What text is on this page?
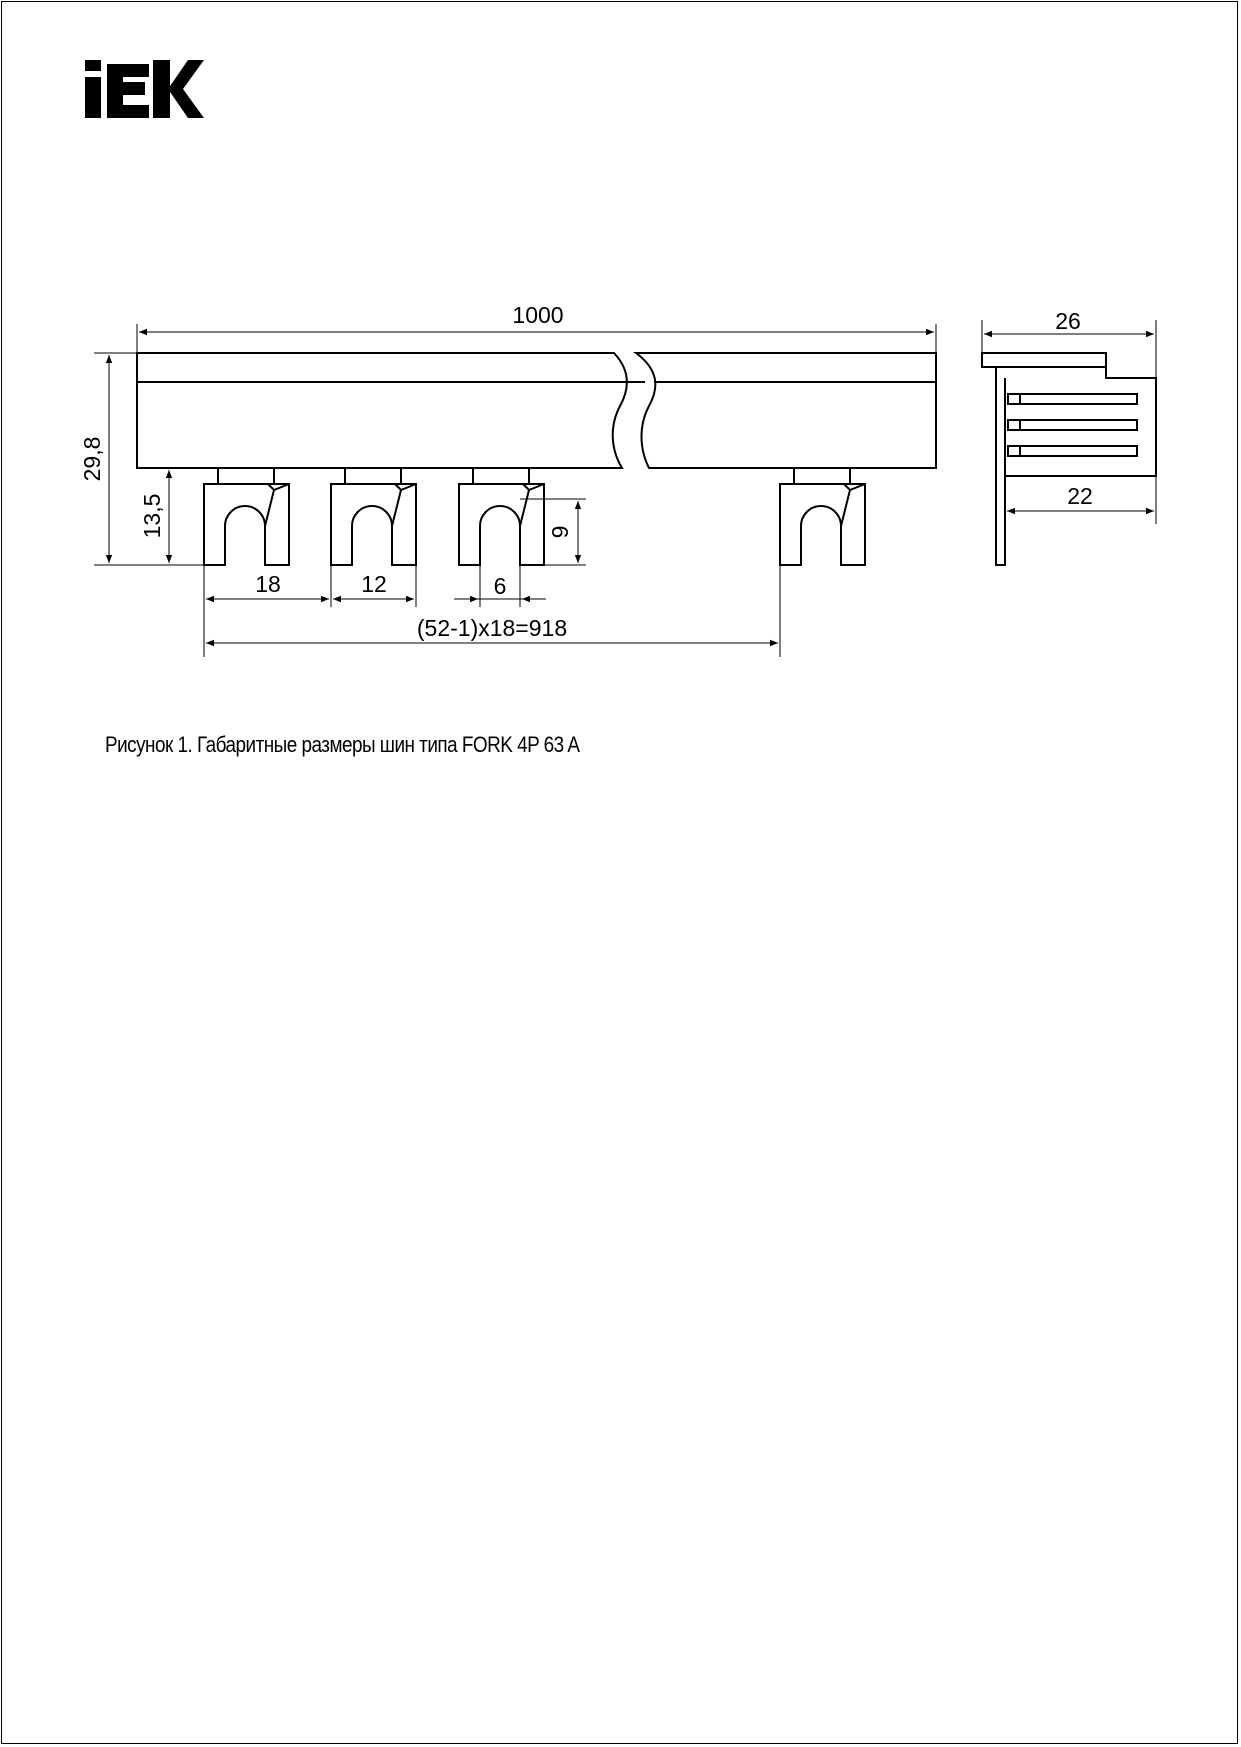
1000
29,8
13,5	9
18	12	6
(52-1)x18=918
26
22
Рисунок 1. Габаритные размеры шин типа FORK 4P 63 A
